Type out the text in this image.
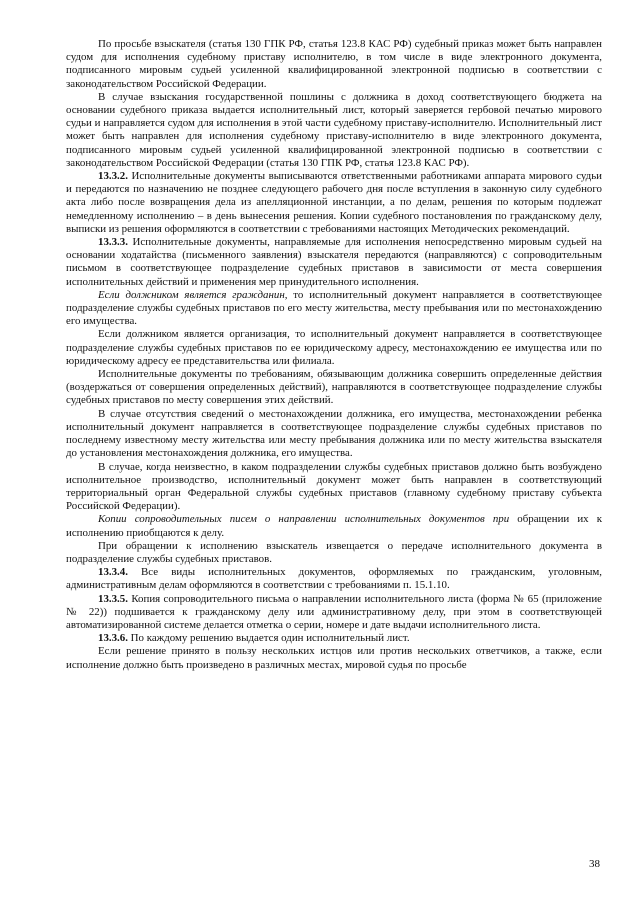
По просьбе взыскателя (статья 130 ГПК РФ, статья 123.8 КАС РФ) судебный приказ может быть направлен судом для исполнения судебному приставу исполнителю, в том числе в виде электронного документа, подписанного мировым судьей усиленной квалифицированной электронной подписью в соответствии с законодательством Российской Федерации.

В случае взыскания государственной пошлины с должника в доход соответствующего бюджета на основании судебного приказа выдается исполнительный лист, который заверяется гербовой печатью мирового судьи и направляется судом для исполнения в этой части судебному приставу-исполнителю. Исполнительный лист может быть направлен для исполнения судебному приставу-исполнителю в виде электронного документа, подписанного мировым судьей усиленной квалифицированной электронной подписью в соответствии с законодательством Российской Федерации (статья 130 ГПК РФ, статья 123.8 КАС РФ).

13.3.2. Исполнительные документы выписываются ответственными работниками аппарата мирового судьи и передаются по назначению не позднее следующего рабочего дня после вступления в законную силу судебного акта либо после возвращения дела из апелляционной инстанции, а по делам, решения по которым подлежат немедленному исполнению – в день вынесения решения. Копии судебного постановления по гражданскому делу, выписки из решения оформляются в соответствии с требованиями настоящих Методических рекомендаций.

13.3.3. Исполнительные документы, направляемые для исполнения непосредственно мировым судьей на основании ходатайства (письменного заявления) взыскателя передаются (направляются) с сопроводительным письмом в соответствующее подразделение судебных приставов в зависимости от места совершения исполнительных действий и применения мер принудительного исполнения.

Если должником является гражданин, то исполнительный документ направляется в соответствующее подразделение службы судебных приставов по его месту жительства, месту пребывания или по местонахождению его имущества.

Если должником является организация, то исполнительный документ направляется в соответствующее подразделение службы судебных приставов по ее юридическому адресу, местонахождению ее имущества или по юридическому адресу ее представительства или филиала.

Исполнительные документы по требованиям, обязывающим должника совершить определенные действия (воздержаться от совершения определенных действий), направляются в соответствующее подразделение службы судебных приставов по месту совершения этих действий.

В случае отсутствия сведений о местонахождении должника, его имущества, местонахождении ребенка исполнительный документ направляется в соответствующее подразделение службы судебных приставов по последнему известному месту жительства или месту пребывания должника или по месту жительства взыскателя до установления местонахождения должника, его имущества.

В случае, когда неизвестно, в каком подразделении службы судебных приставов должно быть возбуждено исполнительное производство, исполнительный документ может быть направлен в соответствующий территориальный орган Федеральной службы судебных приставов (главному судебному приставу субъекта Российской Федерации).

Копии сопроводительных писем о направлении исполнительных документов при обращении их к исполнению приобщаются к делу.

При обращении к исполнению взыскатель извещается о передаче исполнительного документа в подразделение службы судебных приставов.

13.3.4. Все виды исполнительных документов, оформляемых по гражданским, уголовным, административным делам оформляются в соответствии с требованиями п. 15.1.10.

13.3.5. Копия сопроводительного письма о направлении исполнительного листа (форма № 65 (приложение № 22)) подшивается к гражданскому делу или административному делу, при этом в соответствующей автоматизированной системе делается отметка о серии, номере и дате выдачи исполнительного листа.

13.3.6. По каждому решению выдается один исполнительный лист.

Если решение принято в пользу нескольких истцов или против нескольких ответчиков, а также, если исполнение должно быть произведено в различных местах, мировой судья по просьбе

38
